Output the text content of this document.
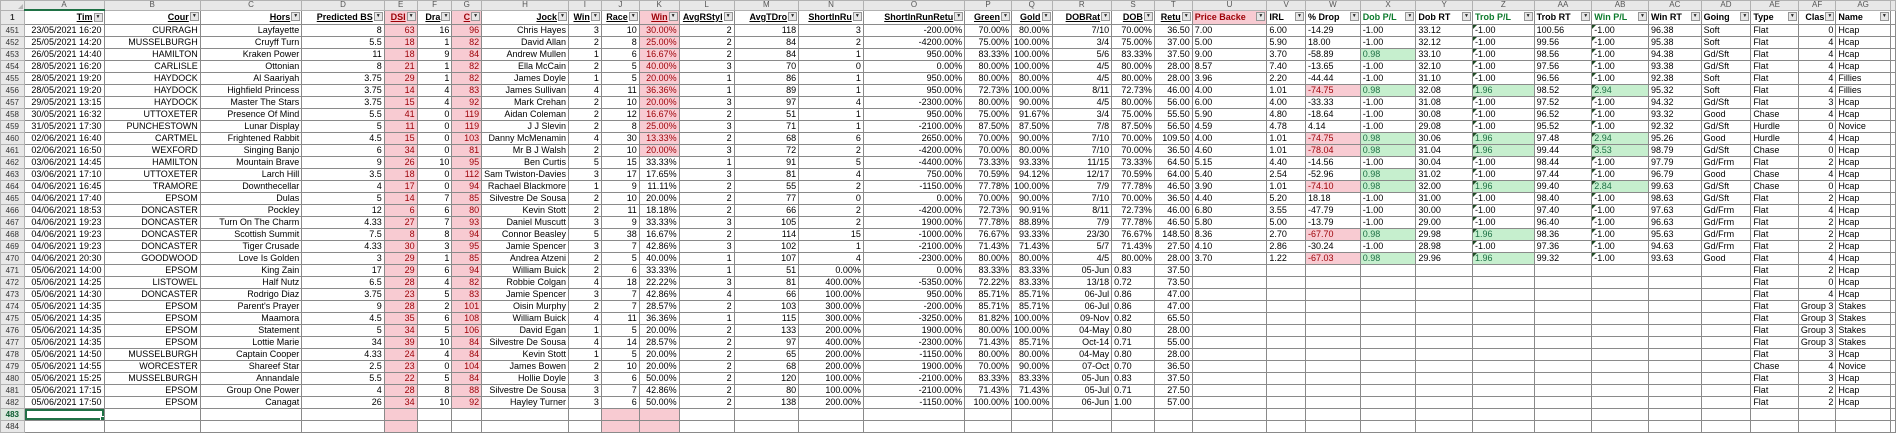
	A	B	C	D	E	F	G	H	I	J	K	L	M	N	O	P	Q	R	S	T	U	V	W	X	Y	Z	AA	AB	AC	AD	AE	AF	AG	
1	Tim ▼	Cour ▼	Hors ▼	Predicted BS ▼	DSI ▼	Dra ▼	C ▼	Jock ▼	Win ▼	Race ▼	Win ▼	AvgRStyl ▼	AvgTDro ▼	ShortInRu ▼	ShortInRunRetu ▼	Green ▼	Gold ▼	DOBRat ▼	DOB ▼	Retu ▼	Price Backe ▼	IRL ▼	% Drop ▼	Dob P/L ▼	Dob RT ▼	Trob P/L ▼	Trob RT ▼	Win P/L ▼	Win RT ▼	Going ▼	Type ▼	Clas ▼	Name ▼	

451	23/05/2021 16:20	CURRAGH	Layfayette	8	63	16	96	Chris Hayes	3	10	30.00%	2	118	3	-200.00%	70.00%	80.00%	7/10	70.00%	36.50	7.00	6.00	-14.29	-1.00	33.12	-1.00	100.56	-1.00	96.38	Soft	Flat	0	Hcap	
452	25/05/2021 14:20	MUSSELBURGH	Cruyff Turn	5.5	18	1	82	David Allan	2	8	25.00%	2	84	2	-4200.00%	75.00%	100.00%	3/4	75.00%	37.00	5.00	5.90	18.00	-1.00	32.12	-1.00	99.56	-1.00	95.38	Soft	Flat	4	Hcap	
453	26/05/2021 14:40	HAMILTON	Kraken Power	11	18	9	84	Andrew Mullen	1	6	16.67%	2	84	1	950.00%	83.33%	100.00%	5/6	83.33%	37.50	9.00	3.70	-58.89	0.98	33.10	-1.00	98.56	-1.00	94.38	Gd/Sft	Flat	4	Hcap	
454	28/05/2021 16:20	CARLISLE	Ottonian	8	21	1	82	Ella McCain	2	5	40.00%	3	70	0	0.00%	80.00%	100.00%	4/5	80.00%	28.00	8.57	7.40	-13.65	-1.00	32.10	-1.00	97.56	-1.00	93.38	Gd/Sft	Flat	4	Hcap	
455	28/05/2021 19:20	HAYDOCK	Al Saariyah	3.75	29	1	82	James Doyle	1	5	20.00%	1	86	1	950.00%	80.00%	80.00%	4/5	80.00%	28.00	3.96	2.20	-44.44	-1.00	31.10	-1.00	96.56	-1.00	92.38	Soft	Flat	4	Fillies	
456	28/05/2021 19:20	HAYDOCK	Highfield Princess	3.75	14	4	83	James Sullivan	4	11	36.36%	1	89	1	950.00%	72.73%	100.00%	8/11	72.73%	46.00	4.00	1.01	-74.75	0.98	32.08	1.96	98.52	2.94	95.32	Soft	Flat	4	Fillies	
457	29/05/2021 13:15	HAYDOCK	Master The Stars	3.75	15	4	92	Mark Crehan	2	10	20.00%	3	97	4	-2300.00%	80.00%	90.00%	4/5	80.00%	56.00	6.00	4.00	-33.33	-1.00	31.08	-1.00	97.52	-1.00	94.32	Gd/Sft	Flat	3	Hcap	
458	30/05/2021 16:32	UTTOXETER	Presence Of Mind	5.5	41	0	119	Aidan Coleman	2	12	16.67%	2	51	1	950.00%	75.00%	91.67%	3/4	75.00%	55.50	5.90	4.80	-18.64	-1.00	30.08	-1.00	96.52	-1.00	93.32	Good	Chase	4	Hcap	
459	31/05/2021 17:30	PUNCHESTOWN	Lunar Display	5	11	0	119	J J Slevin	2	8	25.00%	3	71	1	-2100.00%	87.50%	87.50%	7/8	87.50%	56.50	4.59	4.78	4.14	-1.00	29.08	-1.00	95.52	-1.00	92.32	Gd/Sft	Hurdle	0	Novice	
460	02/06/2021 16:40	CARTMEL	Frightened Rabbit	4.5	15	0	103	Danny McMenamin	4	30	13.33%	2	68	6	2650.00%	70.00%	90.00%	7/10	70.00%	109.50	4.00	1.01	-74.75	0.98	30.06	1.96	97.48	2.94	95.26	Good	Hurdle	4	Hcap	
461	02/06/2021 16:50	WEXFORD	Singing Banjo	6	34	0	81	Mr B J Walsh	2	10	20.00%	3	72	2	-4200.00%	70.00%	80.00%	7/10	70.00%	36.50	4.60	1.01	-78.04	0.98	31.04	1.96	99.44	3.53	98.79	Gd/Sft	Chase	0	Hcap	
462	03/06/2021 14:45	HAMILTON	Mountain Brave	9	26	10	95	Ben Curtis	5	15	33.33%	1	91	5	-4400.00%	73.33%	93.33%	11/15	73.33%	64.50	5.15	4.40	-14.56	-1.00	30.04	-1.00	98.44	-1.00	97.79	Gd/Frm	Flat	2	Hcap	
463	03/06/2021 17:10	UTTOXETER	Larch Hill	3.5	18	0	112	Sam Twiston-Davies	3	17	17.65%	3	81	4	750.00%	70.59%	94.12%	12/17	70.59%	64.00	5.40	2.54	-52.96	0.98	31.02	-1.00	97.44	-1.00	96.79	Good	Chase	4	Hcap	
464	04/06/2021 16:45	TRAMORE	Downthecellar	4	17	0	94	Rachael Blackmore	1	9	11.11%	2	55	2	-1150.00%	77.78%	100.00%	7/9	77.78%	46.50	3.90	1.01	-74.10	0.98	32.00	1.96	99.40	2.84	99.63	Gd/Sft	Chase	0	Hcap	
465	04/06/2021 17:40	EPSOM	Dulas	5	14	7	85	Silvestre De Sousa	2	10	20.00%	2	77	0	0.00%	70.00%	90.00%	7/10	70.00%	36.50	4.40	5.20	18.18	-1.00	31.00	-1.00	98.40	-1.00	98.63	Gd/Sft	Flat	2	Hcap	
466	04/06/2021 18:53	DONCASTER	Pockley	12	6	6	80	Kevin Stott	2	11	18.18%	2	66	2	-4200.00%	72.73%	90.91%	8/11	72.73%	46.00	6.80	3.55	-47.79	-1.00	30.00	-1.00	97.40	-1.00	97.63	Gd/Frm	Flat	4	Hcap	
467	04/06/2021 19:23	DONCASTER	Turn On The Charm	4.33	27	7	93	Daniel Muscutt	3	9	33.33%	3	105	2	1900.00%	77.78%	88.89%	7/9	77.78%	46.50	5.80	5.00	-13.79	-1.00	29.00	-1.00	96.40	-1.00	96.63	Gd/Frm	Flat	2	Hcap	
468	04/06/2021 19:23	DONCASTER	Scottish Summit	7.5	8	8	94	Connor Beasley	5	38	16.67%	2	114	15	-1000.00%	76.67%	93.33%	23/30	76.67%	148.50	8.36	2.70	-67.70	0.98	29.98	1.96	98.36	-1.00	95.63	Gd/Frm	Flat	2	Hcap	
469	04/06/2021 19:23	DONCASTER	Tiger Crusade	4.33	30	3	95	Jamie Spencer	3	7	42.86%	3	102	1	-2100.00%	71.43%	71.43%	5/7	71.43%	27.50	4.10	2.86	-30.24	-1.00	28.98	-1.00	97.36	-1.00	94.63	Gd/Frm	Flat	2	Hcap	
470	04/06/2021 20:30	GOODWOOD	Love Is Golden	3	29	1	85	Andrea Atzeni	2	5	40.00%	1	107	4	-2300.00%	80.00%	80.00%	4/5	80.00%	28.00	3.70	1.22	-67.03	0.98	29.96	1.96	99.32	-1.00	93.63	Good	Flat	4	Hcap	
471	05/06/2021 14:00	EPSOM	King Zain	17	29	6	94	William Buick	2	6	33.33%	1	51	0.00%	0.00%	83.33%	83.33%	05-Jun	0.83	37.50											Flat	2	Hcap	
472	05/06/2021 14:25	LISTOWEL	Half Nutz	6.5	28	4	82	Robbie Colgan	4	18	22.22%	3	81	400.00%	-5350.00%	72.22%	83.33%	13/18	0.72	73.50											Flat	0	Hcap	
473	05/06/2021 14:30	DONCASTER	Rodrigo Diaz	3.75	23	5	83	Jamie Spencer	3	7	42.86%	4	66	100.00%	950.00%	85.71%	85.71%	06-Jul	0.86	47.00											Flat	4	Hcap	
474	05/06/2021 14:35	EPSOM	Parent's Prayer	9	28	2	101	Oisin Murphy	2	7	28.57%	2	103	300.00%	-200.00%	85.71%	85.71%	06-Jul	0.86	47.00											Flat	Group 3	Stakes	
475	05/06/2021 14:35	EPSOM	Maamora	4.5	35	6	108	William Buick	4	11	36.36%	1	115	300.00%	-3250.00%	81.82%	100.00%	09-Nov	0.82	65.50											Flat	Group 3	Stakes	
476	05/06/2021 14:35	EPSOM	Statement	5	34	5	106	David Egan	1	5	20.00%	2	133	200.00%	1900.00%	80.00%	100.00%	04-May	0.80	28.00											Flat	Group 3	Stakes	
477	05/06/2021 14:35	EPSOM	Lottie Marie	34	39	10	84	Silvestre De Sousa	4	14	28.57%	2	97	400.00%	-2300.00%	71.43%	85.71%	Oct-14	0.71	55.00											Flat	Group 3	Stakes	
478	05/06/2021 14:50	MUSSELBURGH	Captain Cooper	4.33	24	4	84	Kevin Stott	1	5	20.00%	2	65	200.00%	-1150.00%	80.00%	80.00%	04-May	0.80	28.00											Flat	3	Hcap	
479	05/06/2021 14:55	WORCESTER	Shareef Star	2.5	23	0	104	James Bowen	2	10	20.00%	2	68	200.00%	1900.00%	70.00%	90.00%	07-Oct	0.70	36.50											Chase	4	Novice	
480	05/06/2021 15:25	MUSSELBURGH	Annandale	5.5	22	5	84	Hollie Doyle	3	6	50.00%	2	120	100.00%	-2100.00%	83.33%	83.33%	05-Jun	0.83	37.50											Flat	3	Hcap	
481	05/06/2021 17:15	EPSOM	Group One Power	4	28	8	88	Silvestre De Sousa	3	7	42.86%	2	80	100.00%	-2100.00%	71.43%	71.43%	05-Jul	0.71	27.50											Flat	2	Hcap	
482	05/06/2021 17:50	EPSOM	Canagat	26	34	10	92	Hayley Turner	3	6	50.00%	2	138	200.00%	-1150.00%	100.00%	100.00%	06-Jun	1.00	57.00											Flat	2	Hcap	
483																																		
484																																		
